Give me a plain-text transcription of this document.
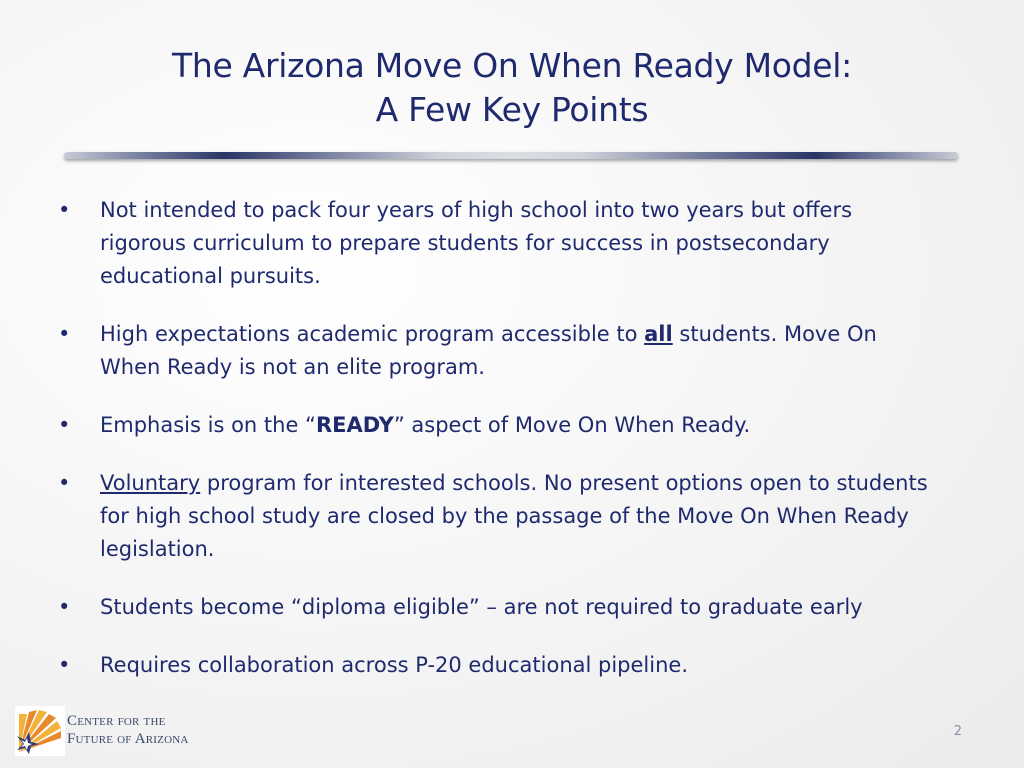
The Arizona Move On When Ready Model:
A Few Key Points
•	Not intended to pack four years of high school into two years but offers rigorous curriculum to prepare students for success in postsecondary educational pursuits.
•	High expectations academic program accessible to all students. Move On When Ready is not an elite program.
•	Emphasis is on the “READY” aspect of Move On When Ready.
•	Voluntary program for interested schools. No present options open to students for high school study are closed by the passage of the Move On When Ready legislation.
•	Students become “diploma eligible” – are not required to graduate early
•	Requires collaboration across P-20 educational pipeline.
Center for the
Future of Arizona	2
